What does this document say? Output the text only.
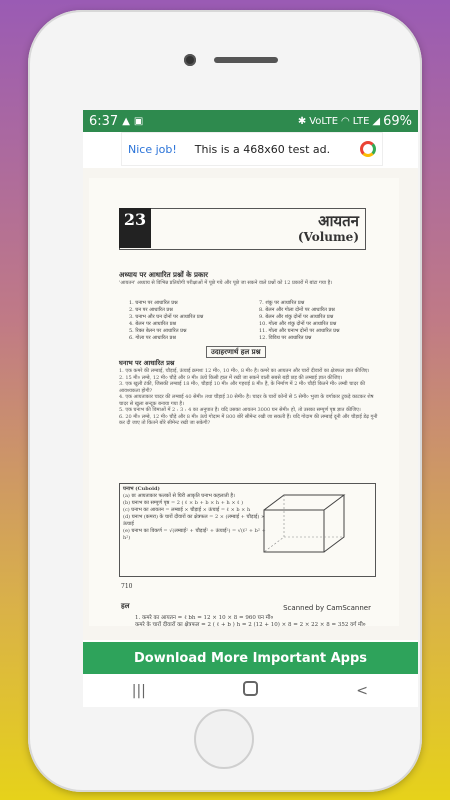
6:37 ▲ ▣	✱ VoLTE ◠ LTE ◢ 69%
Nice job! This is a 468x60 test ad.
23	आयतन
(Volume)
अध्याय पर आधारित प्रश्नों के प्रकार
'आयतन' अध्याय से विभिन्न प्रतियोगी परीक्षाओं में पूछे गये और पूछे जा सकने वाले प्रश्नों को 12 प्रकारों में बांटा गया है।
1. घनाभ पर आधारित प्रश्न	7. शंकु पर आधारित प्रश्न
2. घन पर आधारित प्रश्न	8. बेलन और गोला दोनों पर आधारित प्रश्न
3. घनाभ और घन दोनों पर आधारित प्रश्न	9. बेलन और शंकु दोनों पर आधारित प्रश्न
4. बेलन पर आधारित प्रश्न	10. गोला और शंकु दोनों पर आधारित प्रश्न
5. रिक्त बेलन पर आधारित प्रश्न	11. गोला और घनाभ दोनों पर आधारित प्रश्न
6. गोला पर आधारित प्रश्न	12. विविध पर आधारित प्रश्न
उदाहरणार्थ हल प्रश्न
घनाभ पर आधारित प्रश्न
1. एक कमरे की लम्बाई, चौड़ाई, ऊंचाई क्रमशः 12 मी०, 10 मी०, 8 मी० है। कमरे का आयतन और चारों दीवारों का क्षेत्रफल ज्ञात कीजिए।
2. 15 मी० लम्बे, 12 मी० चौड़े और 9 मी० ऊंचे किसी हाल में रखी जा सकने वाली सबसे बड़ी छड़ की लम्बाई ज्ञात कीजिए।
3. एक खुली टंकी, जिसकी लम्बाई 18 मी०, चौड़ाई 10 मी० और गहराई 8 मी० है, के निर्माण में 2 मी० चौड़ी कितने मी० लम्बी चादर की आवश्यकता होगी?
4. एक आयताकार चादर की लम्बाई 40 सेमी० तथा चौड़ाई 30 सेमी० है। चादर के चारों कोनों से 5 सेमी० भुजा के वर्गाकार टुकड़े काटकर शेष चादर से खुला सन्दूक बनाया गया है।
5. एक घनाभ की विमाओं में 2 : 3 : 4 का अनुपात है। यदि उसका आयतन 3000 घन सेमी० हो, तो उसका सम्पूर्ण पृष्ठ ज्ञात कीजिए।
6. 20 मी० लम्बे, 12 मी० चौड़े और 8 मी० ऊंचे गोदाम में 800 बोरे सीमेन्ट रखी जा सकती हैं। यदि गोदाम की लम्बाई दूनी और चौड़ाई डेढ़ गुनी कर दी जाए तो कितने बोरे सीमेन्ट रखी जा सकेगी?
घनाभ (Cuboid)
(a) छः आयताकार फलकों से घिरी आकृति घनाभ कहलाती है।
(b) घनाभ का सम्पूर्ण पृष्ठ = 2 ( ℓ × b + b × h + h × ℓ )
(c) घनाभ का आयतन = लम्बाई × चौड़ाई × ऊंचाई = ℓ × b × h
(d) घनाभ (कमरा) के चारों दीवारों का क्षेत्रफल = 2 × (लम्बाई + चौड़ाई) × ऊंचाई
(e) घनाभ का विकर्ण = √(लम्बाई² + चौड़ाई² + ऊंचाई²) = √(ℓ² + b² + h²)
Scanned by CamScanner
710
हल
1. कमरे का आयतन = ℓ bh = 12 × 10 × 8 = 960 घन मी०
कमरे के चारों दीवारों का क्षेत्रफल = 2 ( ℓ + b ) h = 2 (12 + 10) × 8 = 2 × 22 × 8 = 352 वर्ग मी०
Download More Important Apps
|||	<
